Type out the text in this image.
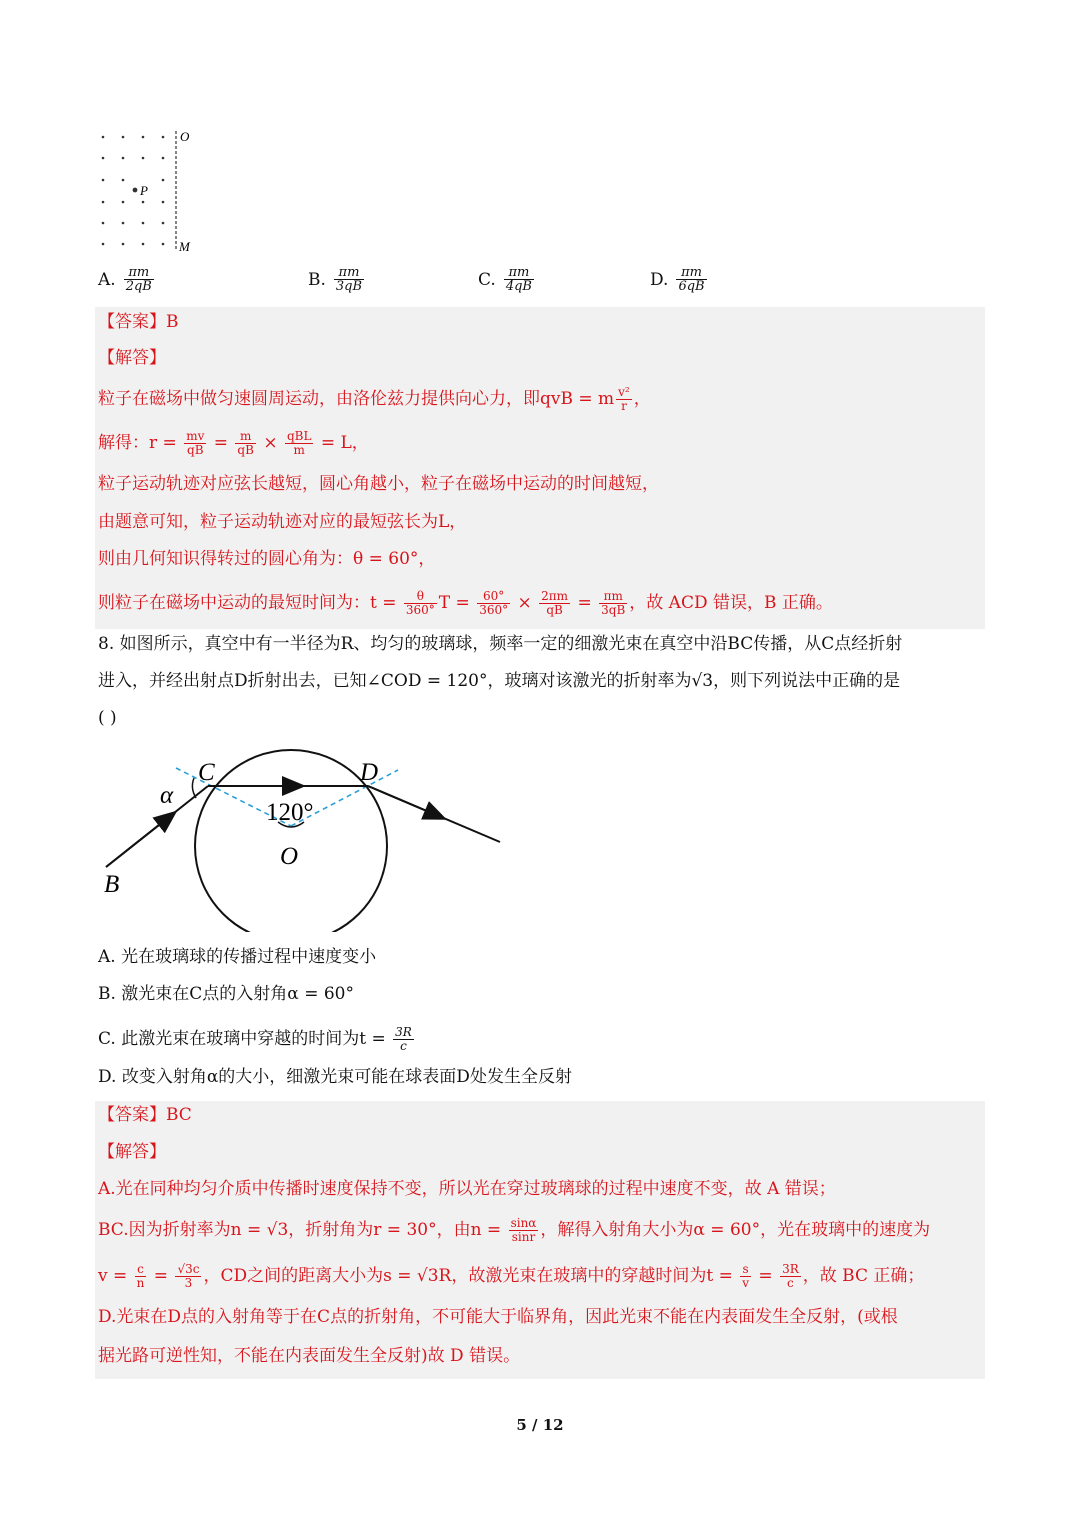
O
P
M
A. $\frac{\pi m}{2qB}$	B. $\frac{\pi m}{3qB}$	C. $\frac{\pi m}{4qB}$	D. $\frac{\pi m}{6qB}$
【答案】B
【解答】
粒子在磁场中做匀速圆周运动，由洛伦兹力提供向心力，即qvB = m $\frac{\text{v²}}{r}$ ，
解得：$r = \frac{mv}{qB} = \frac{m}{qB} \times \frac{\text{qBL}}{m} = L$，
粒子运动轨迹对应弦长越短，圆心角越小，粒子在磁场中运动的时间越短，
由题意可知，粒子运动轨迹对应的最短弦长为L，
则由几何知识得转过的圆心角为：θ = 60°，
则粒子在磁场中运动的最短时间为：$t = \frac{\theta}{360^\circ}$ $T = \frac{60^\circ}{360^\circ} \times \frac{2\pi m}{qB} = \frac{\pi m}{3qB}$ ，故 ACD 错误，B 正确。
8. 如图所示，真空中有一半径为R、均匀的玻璃球，频率一定的细激光束在真空中沿BC传播，从C点经折射
进入，并经出射点D折射出去，已知∠COD = 120°，玻璃对该激光的折射率为√3，则下列说法中正确的是
( )
C	D
α
120°
O
B
A. 光在玻璃球的传播过程中速度变小
B. 激光束在C点的入射角α = 60°
C. 此激光束在玻璃中穿越的时间为$t = \frac{3R}{c}$
D. 改变入射角α的大小，细激光束可能在球表面D处发生全反射
【答案】BC
【解答】
A.光在同种均匀介质中传播时速度保持不变，所以光在穿过玻璃球的过程中速度不变，故 A 错误；
BC.因为折射率为n = √3，折射角为r = 30°，由$n = \frac{\sin\alpha}{\sin r}$ ，解得入射角大小为α = 60°，光在玻璃中的速度为
$v = \frac{c}{n} = \frac{√3c}{3}$ ，CD之间的距离大小为s = √3R，故激光束在玻璃中的穿越时间为$t = \frac{s}{v} = \frac{3R}{c}$ ，故 BC 正确；
D.光束在D点的入射角等于在C点的折射角，不可能大于临界角，因此光束不能在内表面发生全反射，(或根
据光路可逆性知，不能在内表面发生全反射)故 D 错误。
5 / 12
